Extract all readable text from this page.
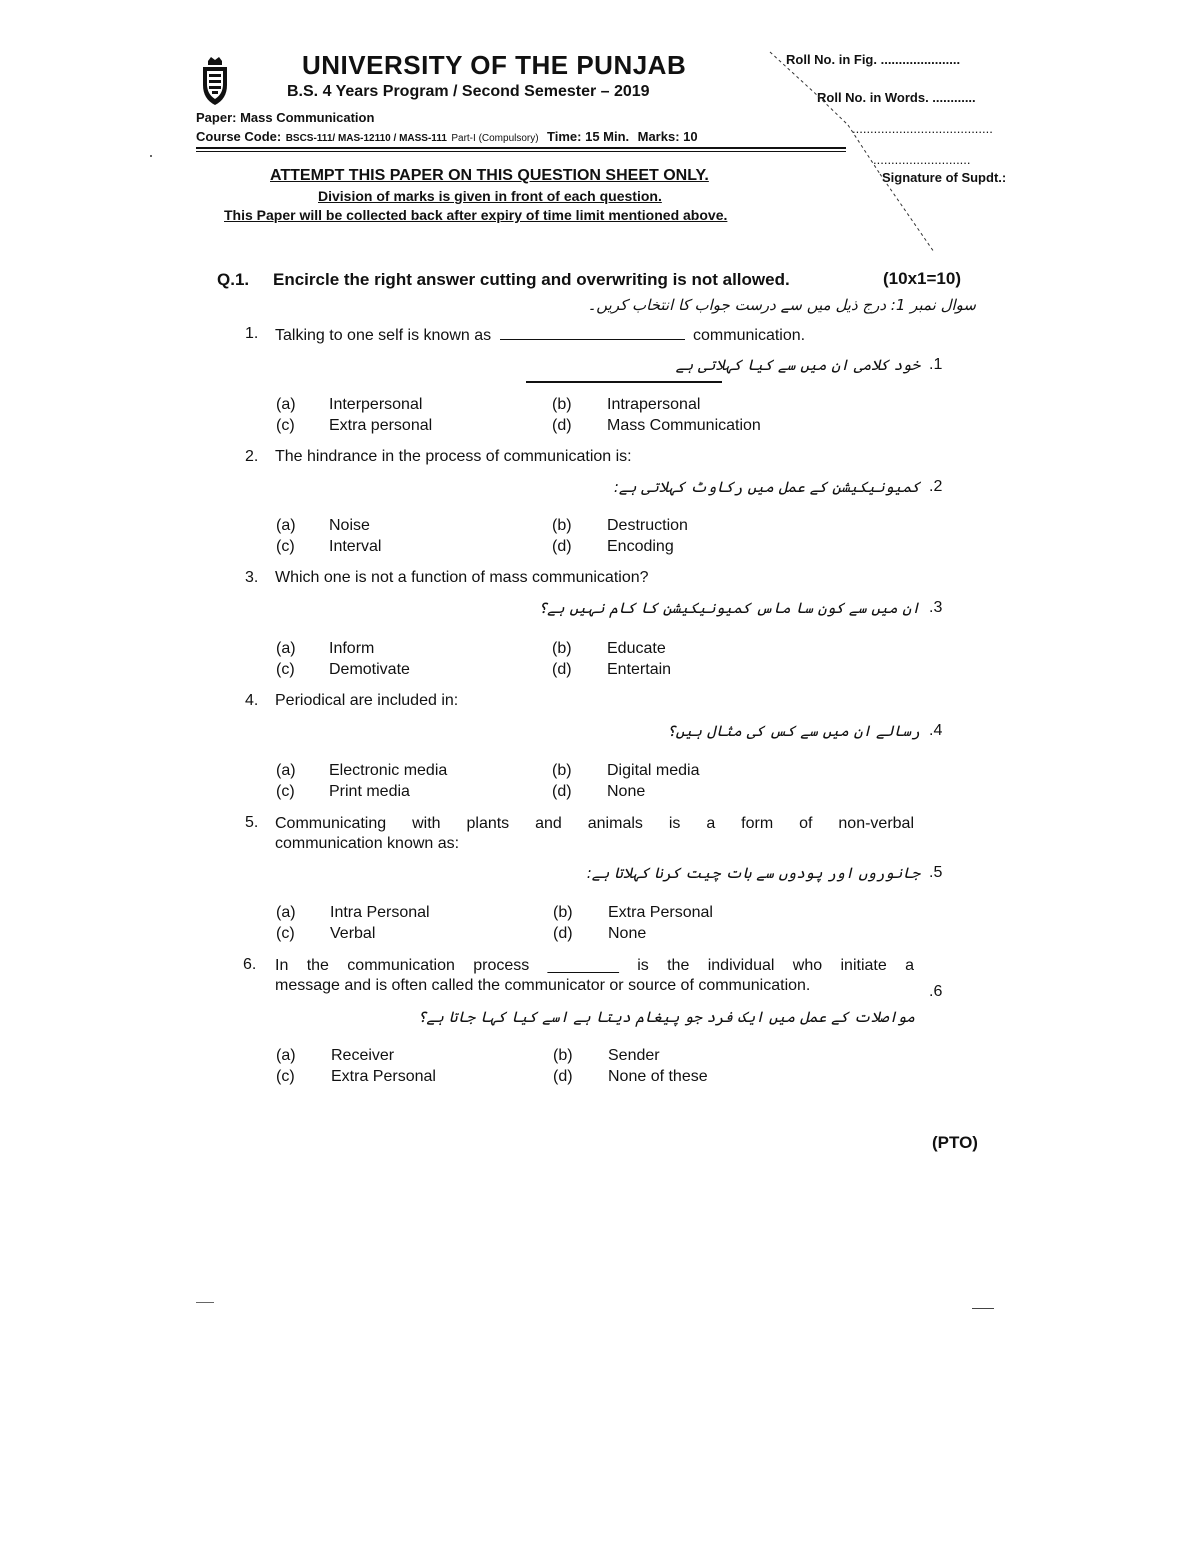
UNIVERSITY OF THE PUNJAB
B.S. 4 Years Program / Second Semester – 2019
Paper: Mass Communication
Course Code: BSCS-111/ MAS-12110 / MASS-111 Part-I (Compulsory) Time: 15 Min. Marks: 10
Roll No. in Fig. ......................
Roll No. in Words. ............
.......................................
...........................
Signature of Supdt.:
ATTEMPT THIS PAPER ON THIS QUESTION SHEET ONLY.
Division of marks is given in front of each question.
This Paper will be collected back after expiry of time limit mentioned above.
Q.1. Encircle the right answer cutting and overwriting is not allowed.	(10x1=10)
سوال نمبر 1: درج ذیل میں سے درست جواب کا انتخاب کریں۔
1. Talking to one self is known as	communication.
خود کلامی ان میں سے کیا کہلاتی ہے .1
(a) Interpersonal	(b) Intrapersonal
(c) Extra personal	(d) Mass Communication
2. The hindrance in the process of communication is:
کمیونیکیشن کے عمل میں رکاوٹ کہلاتی ہے: .2
(a) Noise	(b) Destruction
(c) Interval	(d) Encoding
3. Which one is not a function of mass communication?
ان میں سے کون سا ماس کمیونیکیشن کا کام نہیں ہے؟ .3
(a) Inform	(b) Educate
(c) Demotivate	(d) Entertain
4. Periodical are included in:
رسالے ان میں سے کس کی مثال ہیں؟ .4
(a) Electronic media	(b) Digital media
(c) Print media	(d) None
5. Communicating with plants and animals is a form of non-verbal
communication known as:
جانوروں اور پودوں سے بات چیت کرنا کہلاتا ہے: .5
(a) Intra Personal	(b) Extra Personal
(c) Verbal	(d) None
6. In the communication process ________ is the individual who initiate a
message and is often called the communicator or source of communication.	.6
مواصلات کے عمل میں ایک فرد جو پیغام دیتا ہے اسے کیا کہا جاتا ہے؟
(a) Receiver	(b) Sender
(c) Extra Personal	(d) None of these
(PTO)
